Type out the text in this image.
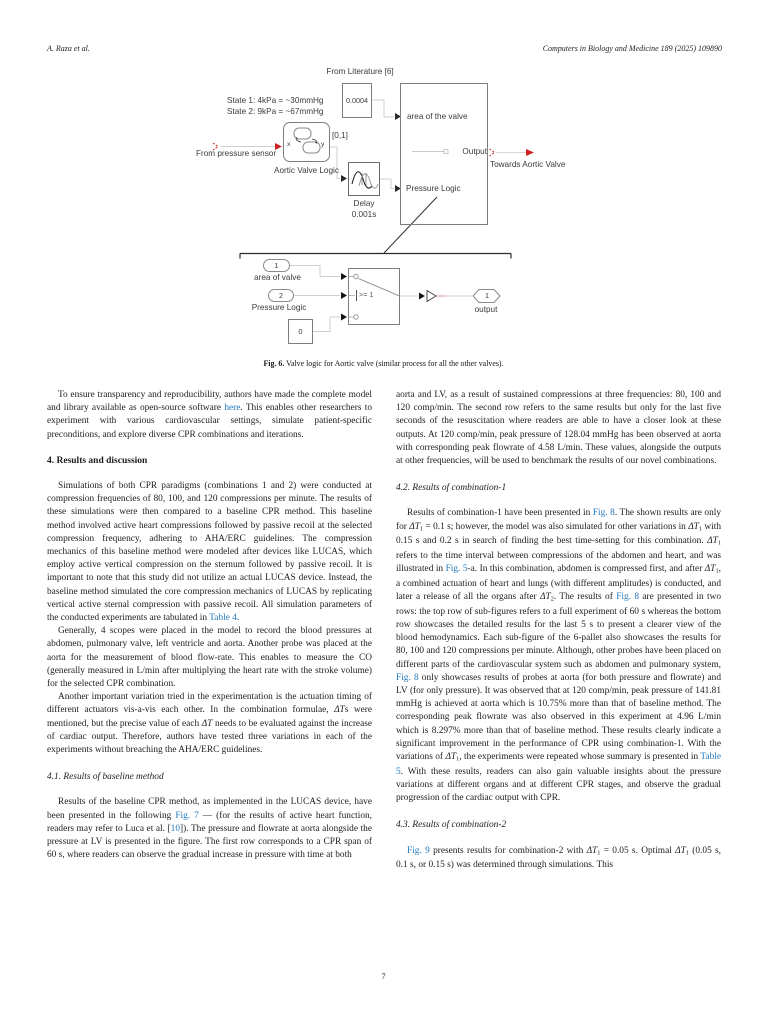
A. Raza et al.	Computers in Biology and Medicine 189 (2025) 109890
From Literature [6]
0.0004
area of the valve
Output
Pressure Logic
State 1: 4kPa = ~30mmHg
State 2: 9kPa = ~67mmHg
From pressure sensor
x	y
Aortic Valve Logic
[0,1]
Delay
0.001s
Towards Aortic Valve
1
area of valve
2
Pressure Logic
0
>= 1	1
output
Fig. 6. Valve logic for Aortic valve (similar process for all the other valves).

To ensure transparency and reproducibility, authors have made the complete model and library available as open-source software here. This enables other researchers to experiment with various cardiovascular settings, simulate patient-specific preconditions, and explore diverse CPR combinations and iterations.

4. Results and discussion

Simulations of both CPR paradigms (combinations 1 and 2) were conducted at compression frequencies of 80, 100, and 120 compressions per minute. The results of these simulations were then compared to a baseline CPR method. This baseline method involved active heart compressions followed by passive recoil at the selected compression frequency, adhering to AHA/ERC guidelines. The compression mechanics of this baseline method were modeled after devices like LUCAS, which employ active vertical compression on the sternum followed by passive recoil. It is important to note that this study did not utilize an actual LUCAS device. Instead, the baseline method simulated the core compression mechanics of LUCAS by replicating vertical active sternal compression with passive recoil. All simulation parameters of the conducted experiments are tabulated in Table 4.

Generally, 4 scopes were placed in the model to record the blood pressures at abdomen, pulmonary valve, left ventricle and aorta. Another probe was placed at the aorta for the measurement of blood flow-rate. This enables to measure the CO (generally measured in L/min after multiplying the heart rate with the stroke volume) for the selected CPR combination.

Another important variation tried in the experimentation is the actuation timing of different actuators vis-a-vis each other. In the combination formulae, ΔTs were mentioned, but the precise value of each ΔT needs to be evaluated against the increase of cardiac output. Therefore, authors have tested three variations in each of the experiments without breaching the AHA/ERC guidelines.

4.1. Results of baseline method

Results of the baseline CPR method, as implemented in the LUCAS device, have been presented in the following Fig. 7 — (for the results of active heart function, readers may refer to Luca et al. [10]). The pressure and flowrate at aorta alongside the pressure at LV is presented in the figure. The first row corresponds to a CPR span of 60 s, where readers can observe the gradual increase in pressure with time at both

aorta and LV, as a result of sustained compressions at three frequencies: 80, 100 and 120 comp/min. The second row refers to the same results but only for the last five seconds of the resuscitation where readers are able to have a closer look at these outputs. At 120 comp/min, peak pressure of 128.04 mmHg has been observed at aorta with corresponding peak flowrate of 4.58 L/min. These values, alongside the outputs at other frequencies, will be used to benchmark the results of our novel combinations.

4.2. Results of combination-1

Results of combination-1 have been presented in Fig. 8. The shown results are only for $\Delta T_1 = 0.1$ s; however, the model was also simulated for other variations in $\Delta T_1$ with 0.15 s and 0.2 s in search of finding the best time-setting for this combination. $\Delta T_1$ refers to the time interval between compressions of the abdomen and heart, and was illustrated in Fig. 5-a. In this combination, abdomen is compressed first, and after $\Delta T_1$, a combined actuation of heart and lungs (with different amplitudes) is conducted, and later a release of all the organs after $\Delta T_2$. The results of Fig. 8 are presented in two rows: the top row of sub-figures refers to a full experiment of 60 s whereas the bottom row showcases the detailed results for the last 5 s to present a clearer view of the blood hemodynamics. Each sub-figure of the 6-pallet also showcases the results for 80, 100 and 120 compressions per minute. Although, other probes have been placed on different parts of the cardiovascular system such as abdomen and pulmonary system, Fig. 8 only showcases results of probes at aorta (for both pressure and flowrate) and LV (for only pressure). It was observed that at 120 comp/min, peak pressure of 141.81 mmHg is achieved at aorta which is 10.75% more than that of baseline method. The corresponding peak flowrate was also observed in this experiment at 4.96 L/min which is 8.297% more than that of baseline method. These results clearly indicate a significant improvement in the performance of CPR using combination-1. With the variations of $\Delta T_1$, the experiments were repeated whose summary is presented in Table 5. With these results, readers can also gain valuable insights about the pressure variations at different organs and at different CPR stages, and observe the gradual progression of the cardiac output with CPR.

4.3. Results of combination-2

Fig. 9 presents results for combination-2 with $\Delta T_1 = 0.05$ s. Optimal $\Delta T_1$ (0.05 s, 0.1 s, or 0.15 s) was determined through simulations. This

7
